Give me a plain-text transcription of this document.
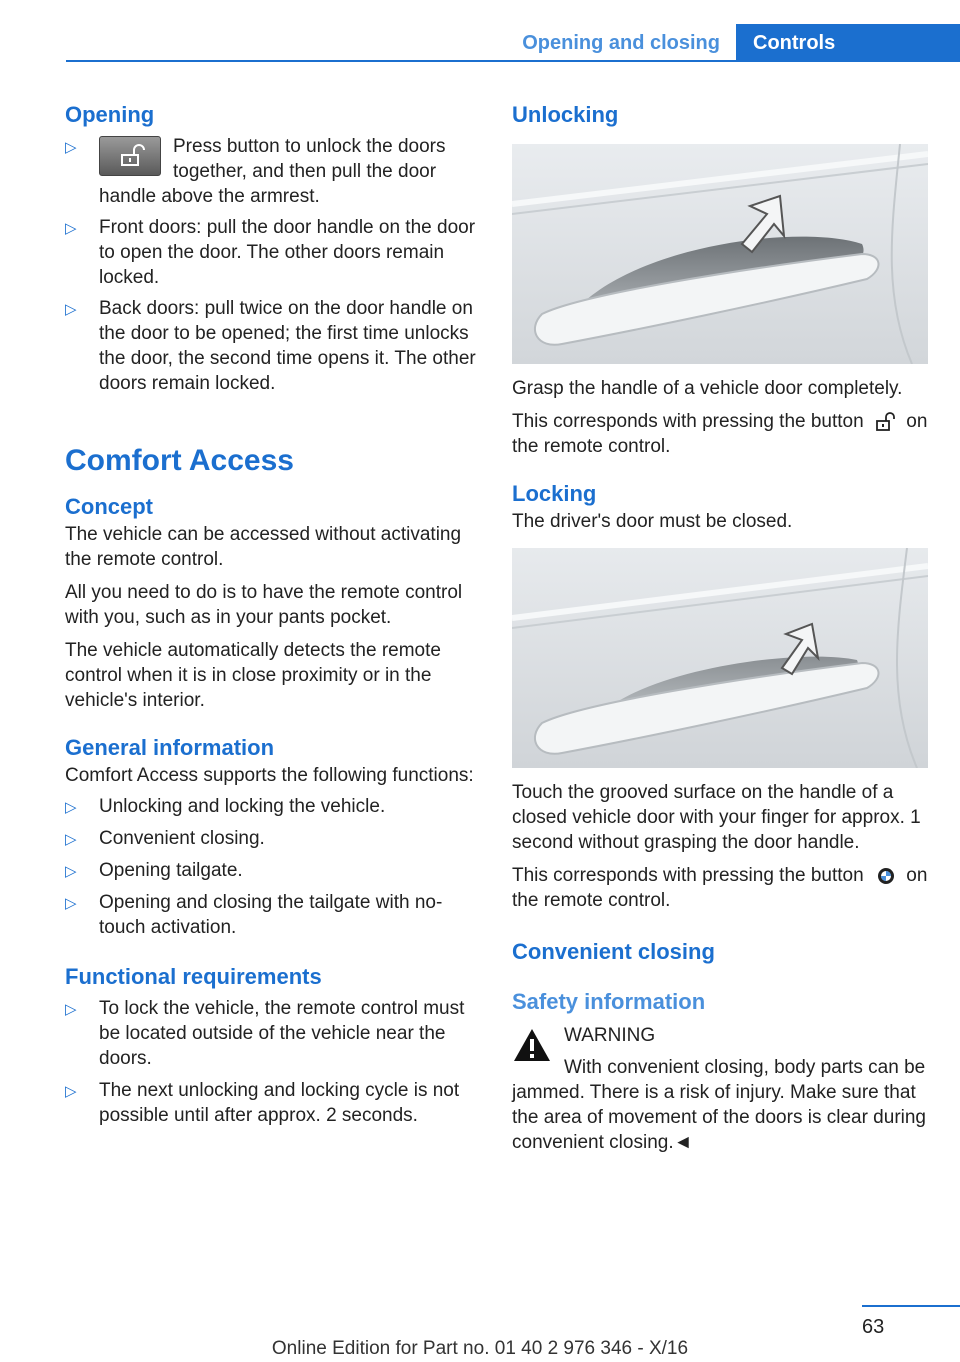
Opening and closing	Controls
Opening
▷	Press button to unlock the doors together, and then pull the door handle above the armrest.
▷ Front doors: pull the door handle on the door to open the door. The other doors remain locked.
▷ Back doors: pull twice on the door handle on the door to be opened; the first time unlocks the door, the second time opens it. The other doors remain locked.
Comfort Access
Concept

The vehicle can be accessed without activating the remote control.

All you need to do is to have the remote control with you, such as in your pants pocket.

The vehicle automatically detects the remote control when it is in close proximity or in the vehicle's interior.

General information

Comfort Access supports the following functions:

▷ Unlocking and locking the vehicle.
▷ Convenient closing.
▷ Opening tailgate.
▷ Opening and closing the tailgate with no-touch activation.
Functional requirements
▷ To lock the vehicle, the remote control must be located outside of the vehicle near the doors.
▷ The next unlocking and locking cycle is not possible until after approx. 2 seconds.
Unlocking

Grasp the handle of a vehicle door completely.

This corresponds with pressing the button on the remote control.

Locking

The driver's door must be closed.

Touch the grooved surface on the handle of a closed vehicle door with your finger for approx. 1 second without grasping the door handle.

This corresponds with pressing the button on the remote control.

Convenient closing
Safety information
WARNING

With convenient closing, body parts can be jammed. There is a risk of injury. Make sure that the area of movement of the doors is clear during convenient closing.◄

63
Online Edition for Part no. 01 40 2 976 346 - X/16
